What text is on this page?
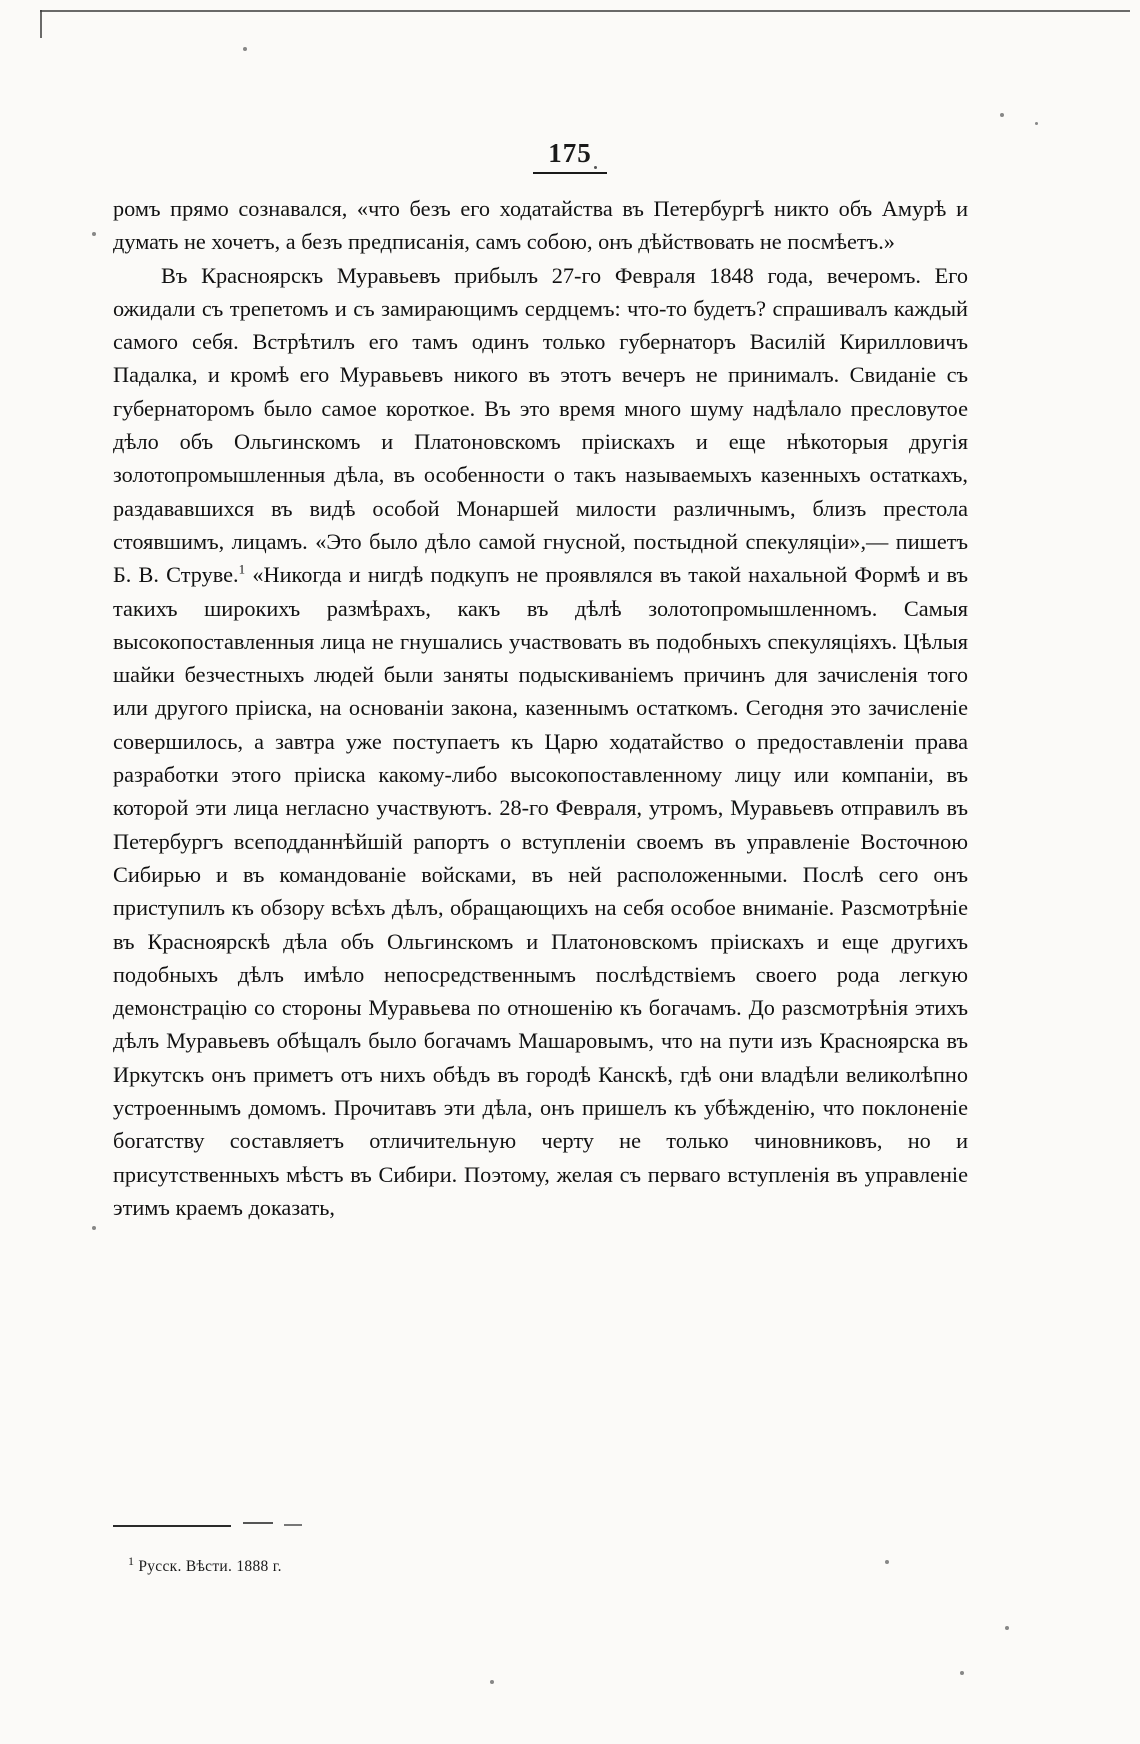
175

ромъ прямо сознавался, «что безъ его ходатайства въ Петербургѣ никто объ Амурѣ и думать не хочетъ, а безъ предписанія, самъ собою, онъ дѣйствовать не посмѣетъ.»

Въ Красноярскъ Муравьевъ прибылъ 27-го Февраля 1848 года, вечеромъ. Его ожидали съ трепетомъ и съ замирающимъ сердцемъ: что-то будетъ? спрашивалъ каждый самого себя. Встрѣтилъ его тамъ одинъ только губернаторъ Василій Кирилловичъ Падалка, и кромѣ его Муравьевъ никого въ этотъ вечеръ не принималъ. Свиданіе съ губернаторомъ было самое короткое. Въ это время много шуму надѣлало пресловутое дѣло объ Ольгинскомъ и Платоновскомъ прiискахъ и еще нѣкоторыя другія золотопромышленныя дѣла, въ особенности о такъ называемыхъ казенныхъ остаткахъ, раздававшихся въ видѣ особой Монаршей милости различнымъ, близъ престола стоявшимъ, лицамъ. «Это было дѣло самой гнусной, постыдной спекуляціи»,— пишетъ Б. В. Струве.$^1$ «Никогда и нигдѣ подкупъ не проявлялся въ такой нахальной Формѣ и въ такихъ широкихъ размѣрахъ, какъ въ дѣлѣ золотопромышленномъ. Самыя высокопоставленныя лица не гнушались участвовать въ подобныхъ спекуляціяхъ. Цѣлыя шайки безчестныхъ людей были заняты подыскиваніемъ причинъ для зачисленія того или другого прiиска, на основаніи закона, казеннымъ остаткомъ. Сегодня это зачисленіе совершилось, а завтра уже поступаетъ къ Царю ходатайство о предоставленіи права разработки этого прiиска какому-либо высокопоставленному лицу или компаніи, въ которой эти лица негласно участвуютъ. 28-го Февраля, утромъ, Муравьевъ отправилъ въ Петербургъ всеподданнѣйшій рапортъ о вступленіи своемъ въ управленіе Восточною Сибирью и въ командованіе войсками, въ ней расположенными. Послѣ сего онъ приступилъ къ обзору всѣхъ дѣлъ, обращающихъ на себя особое вниманіе. Разсмотрѣніе въ Красноярскѣ дѣла объ Ольгинскомъ и Платоновскомъ прiискахъ и еще другихъ подобныхъ дѣлъ имѣло непосредственнымъ послѣдствіемъ своего рода легкую демонстрацію со стороны Муравьева по отношенію къ богачамъ. До разсмотрѣнія этихъ дѣлъ Муравьевъ обѣщалъ было богачамъ Машаровымъ, что на пути изъ Красноярска въ Иркутскъ онъ приметъ отъ нихъ обѣдъ въ городѣ Канскѣ, гдѣ они владѣли великолѣпно устроеннымъ домомъ. Прочитавъ эти дѣла, онъ пришелъ къ убѣжденію, что поклоненіе богатству составляетъ отличительную черту не только чиновниковъ, но и присутственныхъ мѣстъ въ Сибири. Поэтому, желая съ перваго вступленія въ управленіе этимъ краемъ доказать,

$^1$ Русск. Вѣсти. 1888 г.
